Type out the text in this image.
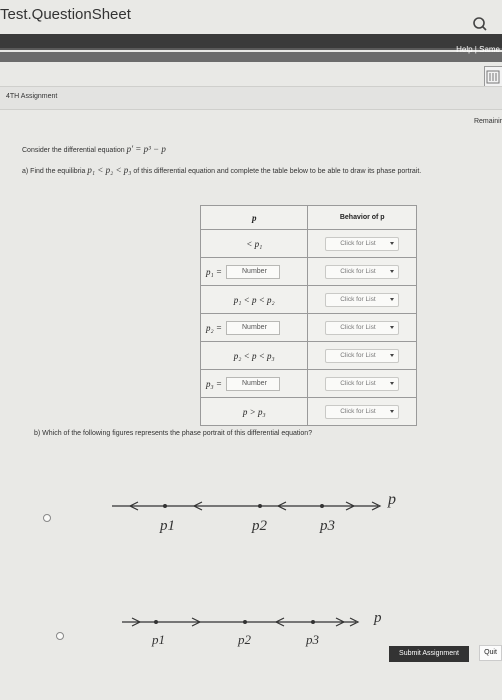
Test.QuestionSheet
Help | Same
4TH Assignment
Remainir
Consider the differential equation p′ = p³ − p
a) Find the equilibria p₁ < p₂ < p₃ of this differential equation and complete the table below to be able to draw its phase portrait.
p	Behavior of p
< p₁	Click for List

p₁ = Number	Click for List

p₁ < p < p₂	Click for List

p₂ = Number	Click for List

p₂ < p < p₃	Click for List

p₃ = Number	Click for List

p > p₃	Click for List
b) Which of the following figures represents the phase portrait of this differential equation?
p
p1	p2	p3
p
p1	p2	p3
Submit Assignment	Quit
